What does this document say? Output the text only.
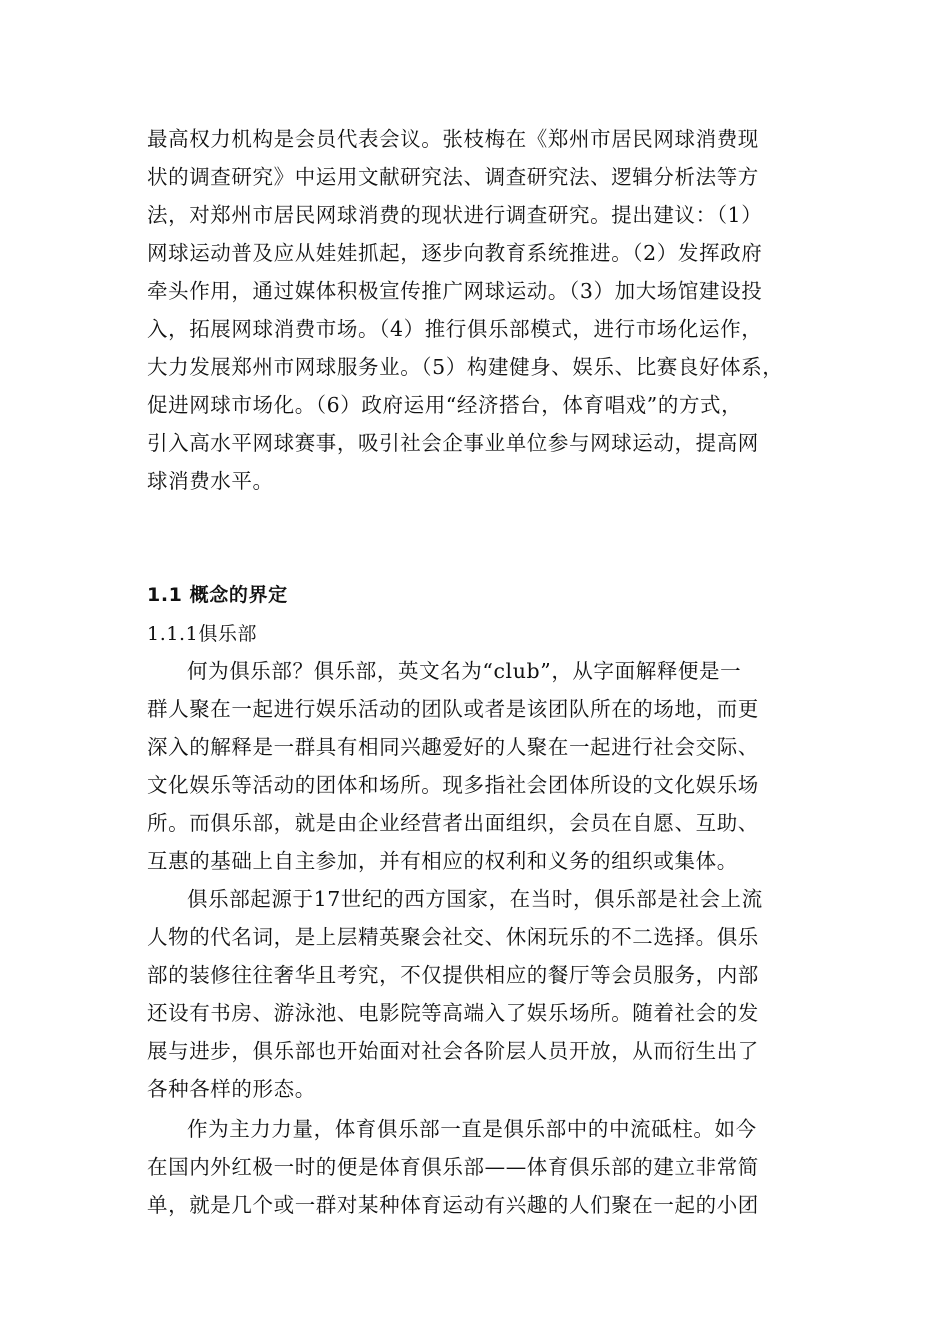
最高权力机构是会员代表会议。张枝梅在《郑州市居民网球消费现
状的调查研究》中运用文献研究法、调查研究法、逻辑分析法等方
法，对郑州市居民网球消费的现状进行调查研究。提出建议：（1）
网球运动普及应从娃娃抓起，逐步向教育系统推进。（2）发挥政府
牵头作用，通过媒体积极宣传推广网球运动。（3）加大场馆建设投
入，拓展网球消费市场。（4）推行俱乐部模式，进行市场化运作，
大力发展郑州市网球服务业。（5）构建健身、娱乐、比赛良好体系，
促进网球市场化。（6）政府运用“经济搭台，体育唱戏”的方式，
引入高水平网球赛事，吸引社会企事业单位参与网球运动，提高网
球消费水平。
1.1 概念的界定
1.1.1俱乐部
何为俱乐部？俱乐部，英文名为“club”，从字面解释便是一
群人聚在一起进行娱乐活动的团队或者是该团队所在的场地，而更
深入的解释是一群具有相同兴趣爱好的人聚在一起进行社会交际、
文化娱乐等活动的团体和场所。现多指社会团体所设的文化娱乐场
所。而俱乐部，就是由企业经营者出面组织，会员在自愿、互助、
互惠的基础上自主参加，并有相应的权利和义务的组织或集体。
俱乐部起源于17世纪的西方国家，在当时，俱乐部是社会上流
人物的代名词，是上层精英聚会社交、休闲玩乐的不二选择。俱乐
部的装修往往奢华且考究，不仅提供相应的餐厅等会员服务，内部
还设有书房、游泳池、电影院等高端入了娱乐场所。随着社会的发
展与进步，俱乐部也开始面对社会各阶层人员开放，从而衍生出了
各种各样的形态。
作为主力力量，体育俱乐部一直是俱乐部中的中流砥柱。如今
在国内外红极一时的便是体育俱乐部——体育俱乐部的建立非常简
单，就是几个或一群对某种体育运动有兴趣的人们聚在一起的小团
